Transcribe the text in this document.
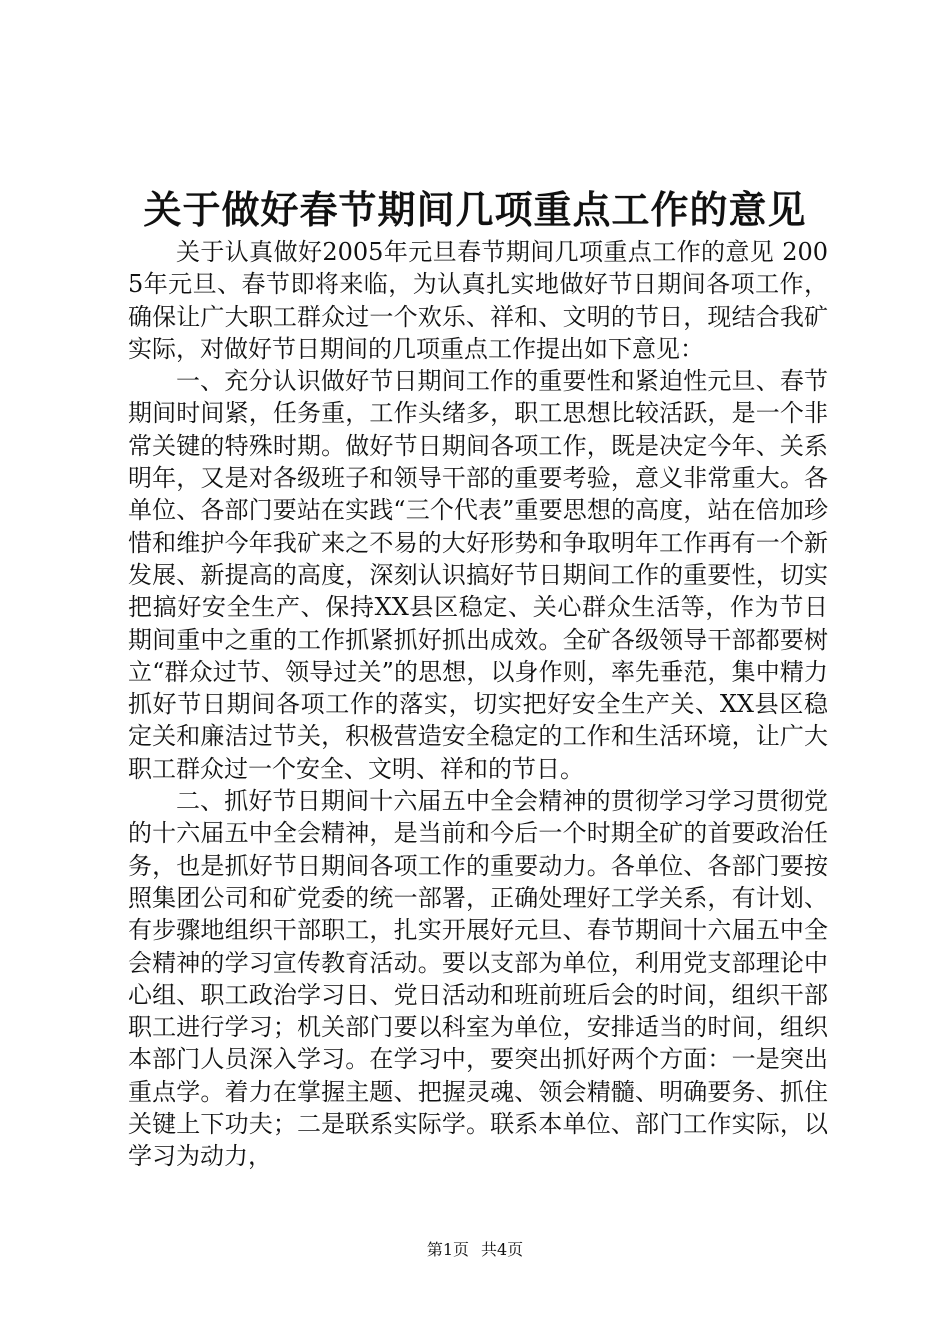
关于做好春节期间几项重点工作的意见

关于认真做好2005年元旦春节期间几项重点工作的意见 2005年元旦、春节即将来临，为认真扎实地做好节日期间各项工作，确保让广大职工群众过一个欢乐、祥和、文明的节日，现结合我矿实际，对做好节日期间的几项重点工作提出如下意见：

一、充分认识做好节日期间工作的重要性和紧迫性元旦、春节期间时间紧，任务重，工作头绪多，职工思想比较活跃，是一个非常关键的特殊时期。做好节日期间各项工作，既是决定今年、关系明年，又是对各级班子和领导干部的重要考验，意义非常重大。各单位、各部门要站在实践“三个代表”重要思想的高度，站在倍加珍惜和维护今年我矿来之不易的大好形势和争取明年工作再有一个新发展、新提高的高度，深刻认识搞好节日期间工作的重要性，切实把搞好安全生产、保持XX县区稳定、关心群众生活等，作为节日期间重中之重的工作抓紧抓好抓出成效。全矿各级领导干部都要树立“群众过节、领导过关”的思想，以身作则，率先垂范，集中精力抓好节日期间各项工作的落实，切实把好安全生产关、XX县区稳定关和廉洁过节关，积极营造安全稳定的工作和生活环境，让广大职工群众过一个安全、文明、祥和的节日。

二、抓好节日期间十六届五中全会精神的贯彻学习学习贯彻党的十六届五中全会精神，是当前和今后一个时期全矿的首要政治任务，也是抓好节日期间各项工作的重要动力。各单位、各部门要按照集团公司和矿党委的统一部署，正确处理好工学关系，有计划、有步骤地组织干部职工，扎实开展好元旦、春节期间十六届五中全会精神的学习宣传教育活动。要以支部为单位，利用党支部理论中心组、职工政治学习日、党日活动和班前班后会的时间，组织干部职工进行学习；机关部门要以科室为单位，安排适当的时间，组织本部门人员深入学习。在学习中，要突出抓好两个方面：一是突出重点学。着力在掌握主题、把握灵魂、领会精髓、明确要务、抓住关键上下功夫；二是联系实际学。联系本单位、部门工作实际，以学习为动力，

第1页 共4页
